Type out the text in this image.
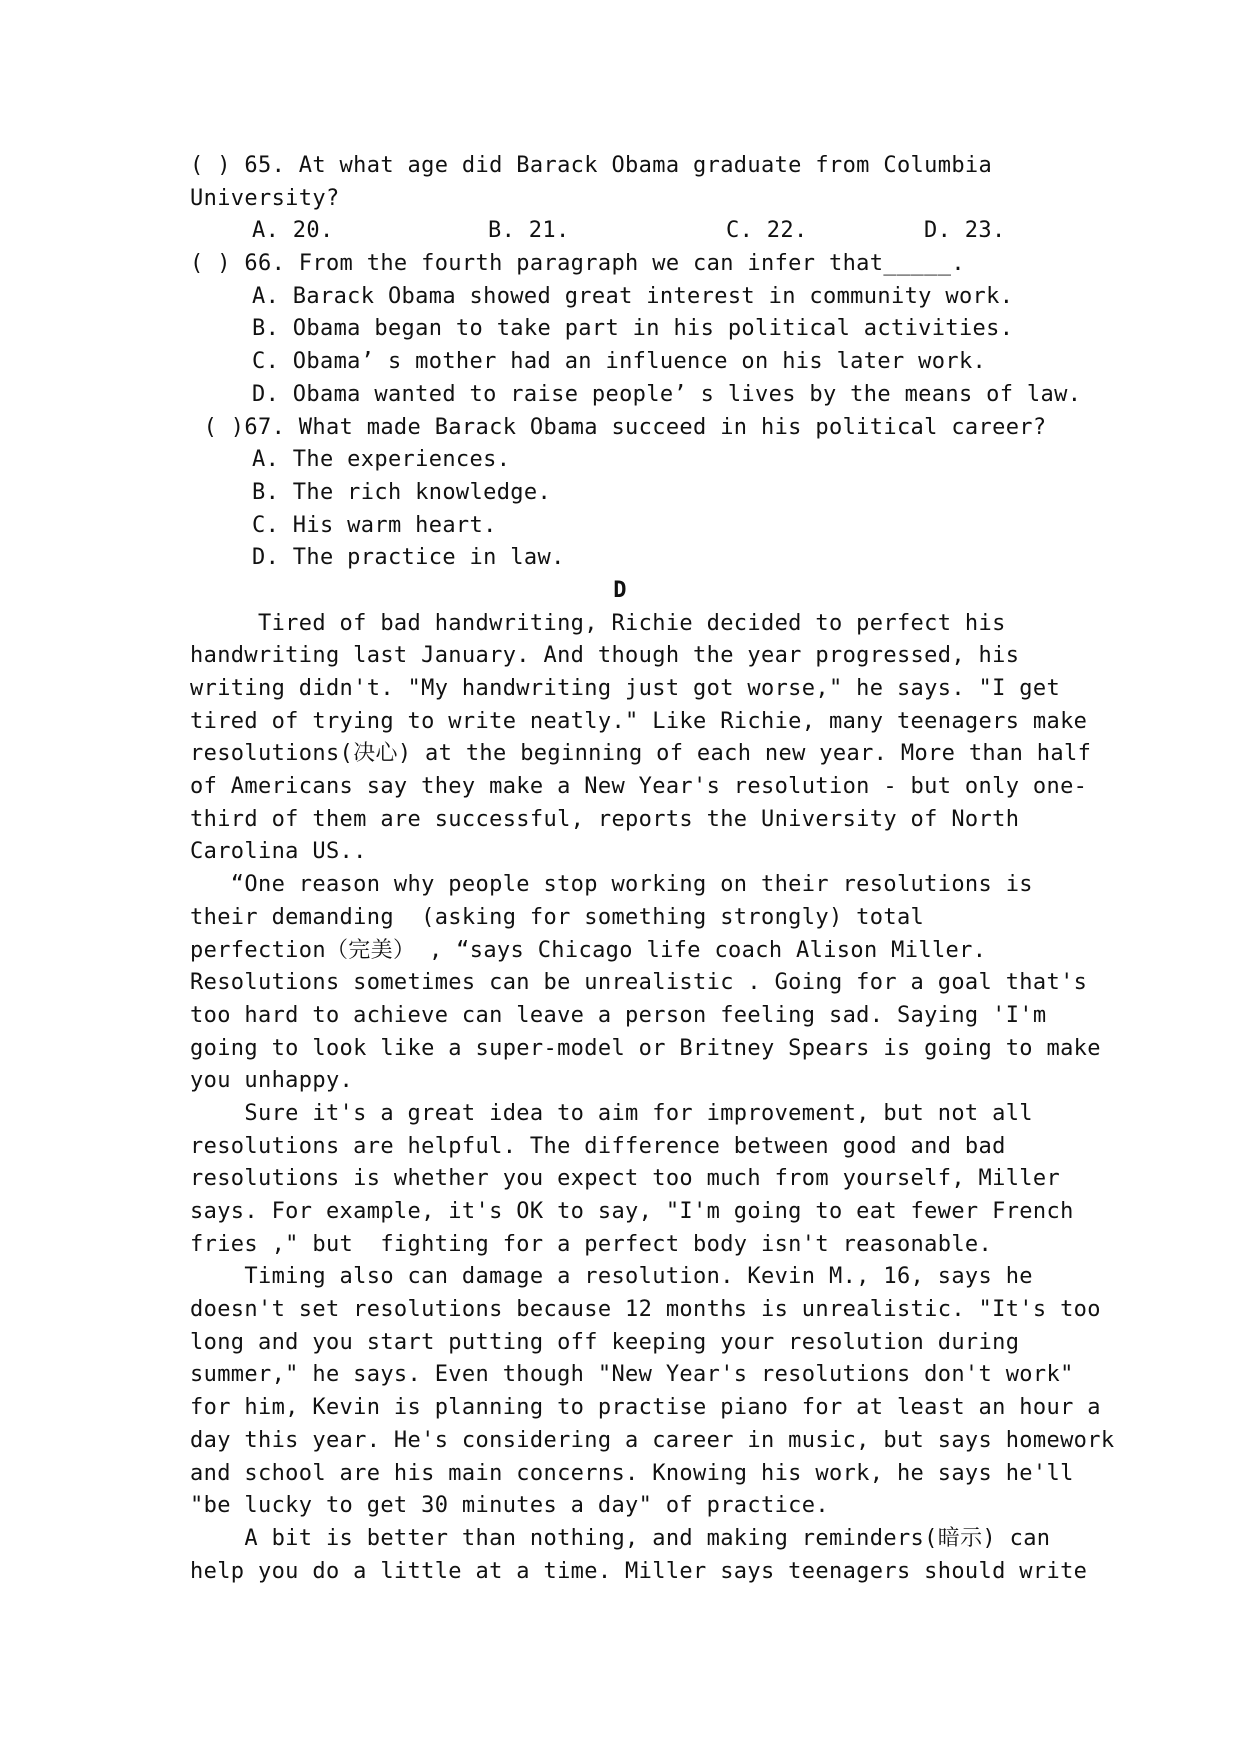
( ) 65. At what age did Barack Obama graduate from Columbia
University?

A. 20.

	B. 21.

	C. 22.

	D. 23.

( ) 66. From the fourth paragraph we can infer that_____.
A. Barack Obama showed great interest in community work.
B. Obama began to take part in his political activities.
C. Obama’ s mother had an influence on his later work.
D. Obama wanted to raise people’ s lives by the means of law.
( )67. What made Barack Obama succeed in his political career?
A. The experiences.
B. The rich knowledge.
C. His warm heart.
D. The practice in law.
D
Tired of bad handwriting, Richie decided to perfect his
handwriting last January. And though the year progressed, his
writing didn't. "My handwriting just got worse," he says. "I get
tired of trying to write neatly." Like Richie, many teenagers make
resolutions(决心) at the beginning of each new year. More than half
of Americans say they make a New Year's resolution - but only one-
third of them are successful, reports the University of North
Carolina US..
“One reason why people stop working on their resolutions is
their demanding  (asking for something strongly) total
perfection（完美） , “says Chicago life coach Alison Miller.
Resolutions sometimes can be unrealistic . Going for a goal that's
too hard to achieve can leave a person feeling sad. Saying 'I'm
going to look like a super-model or Britney Spears is going to make
you unhappy.
Sure it's a great idea to aim for improvement, but not all
resolutions are helpful. The difference between good and bad
resolutions is whether you expect too much from yourself, Miller
says. For example, it's OK to say, "I'm going to eat fewer French
fries ," but  fighting for a perfect body isn't reasonable.
Timing also can damage a resolution. Kevin M., 16, says he
doesn't set resolutions because 12 months is unrealistic. "It's too
long and you start putting off keeping your resolution during
summer," he says. Even though "New Year's resolutions don't work"
for him, Kevin is planning to practise piano for at least an hour a
day this year. He's considering a career in music, but says homework
and school are his main concerns. Knowing his work, he says he'll
"be lucky to get 30 minutes a day" of practice.
A bit is better than nothing, and making reminders(暗示) can
help you do a little at a time. Miller says teenagers should write
